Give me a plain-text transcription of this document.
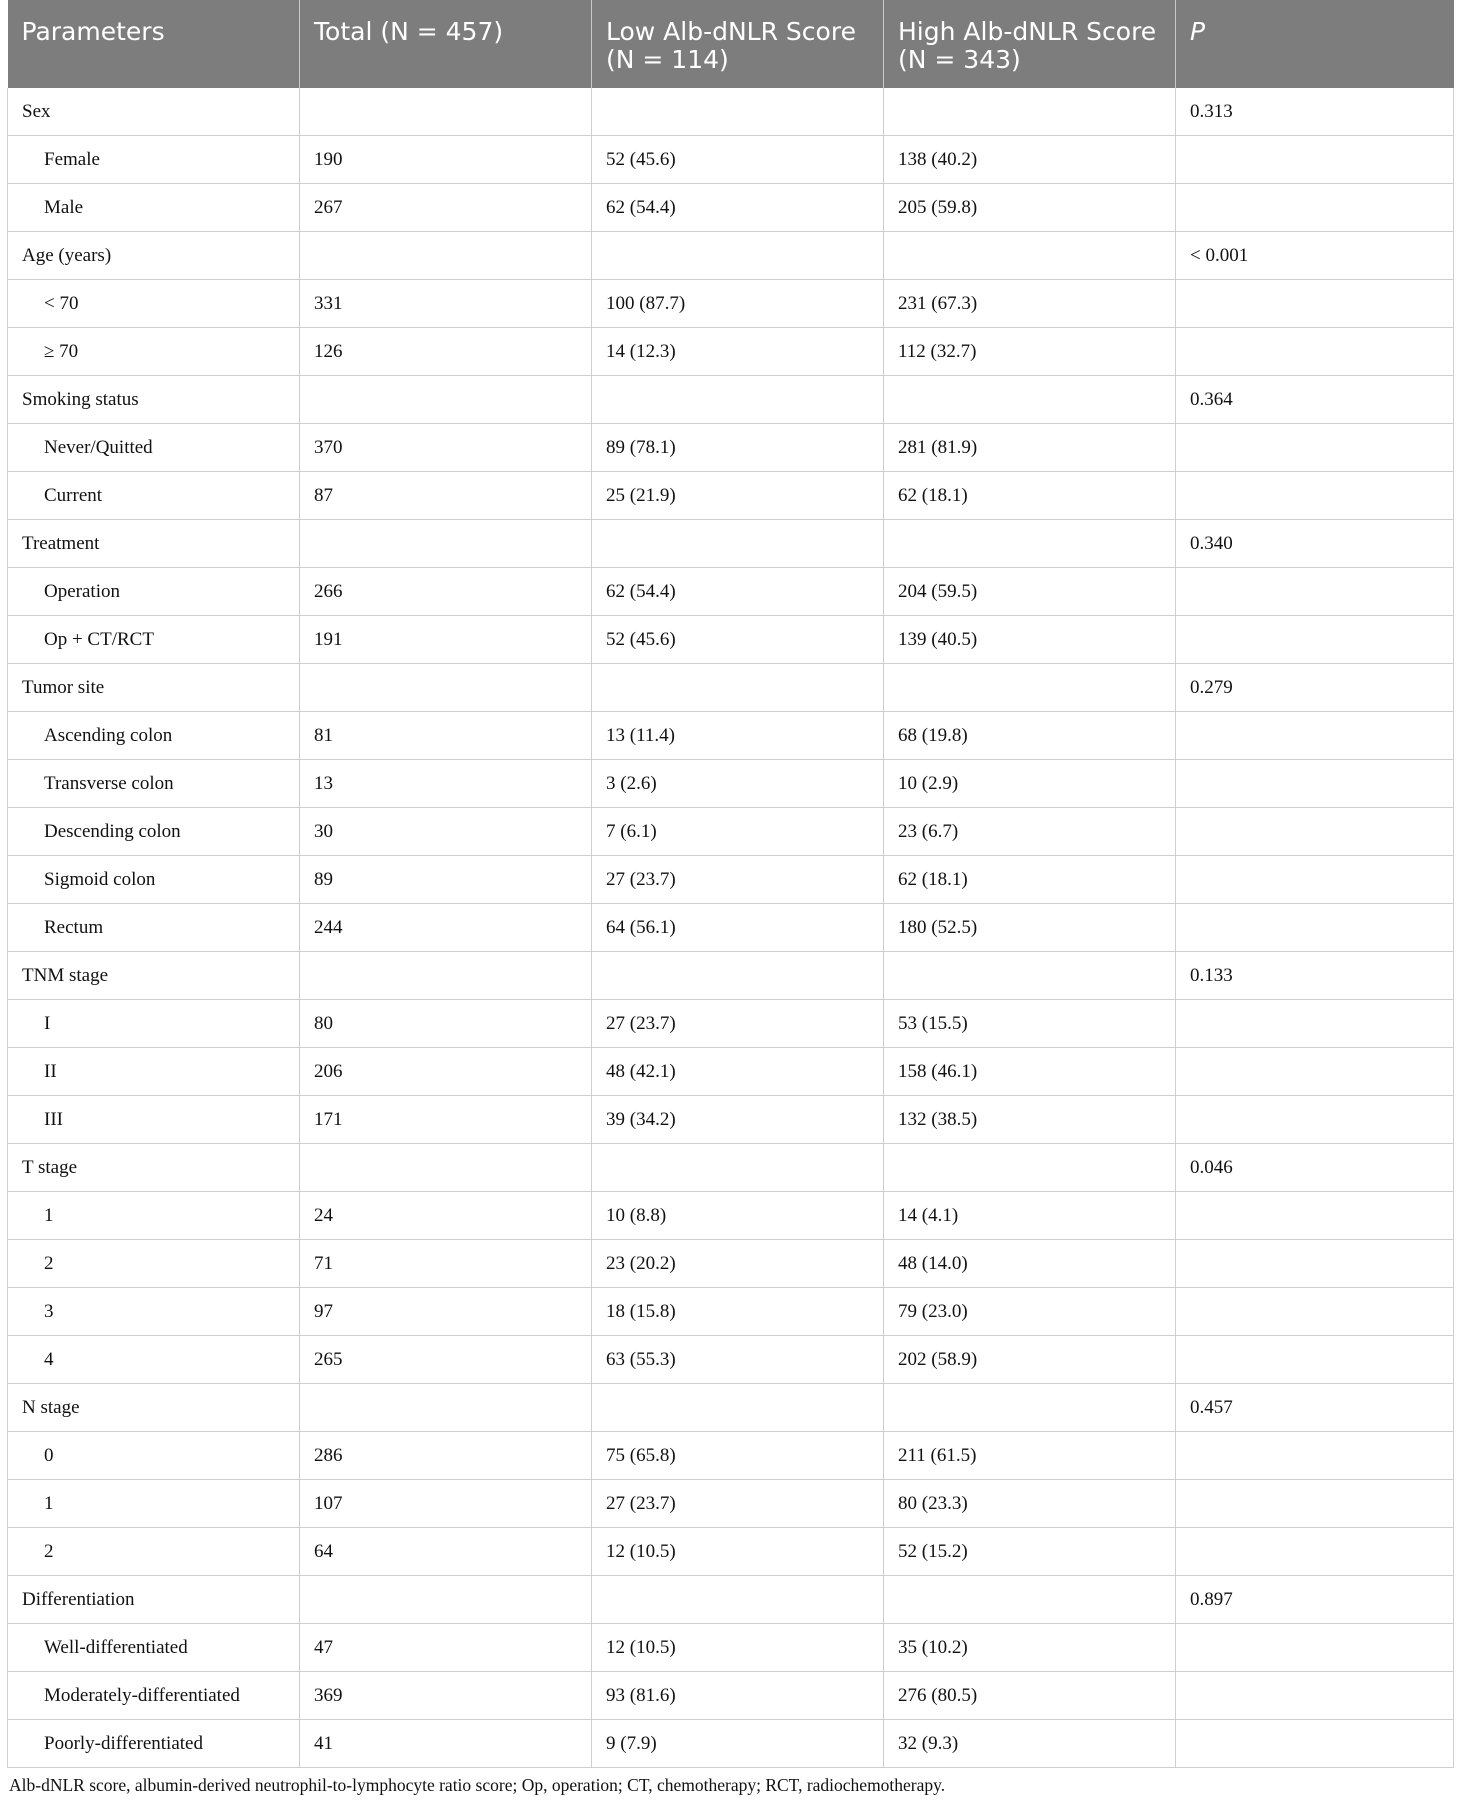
Parameters	Total (N = 457)	Low Alb-dNLR Score (N = 114)	High Alb-dNLR Score (N = 343)	P
Sex				0.313
Female	190	52 (45.6)	138 (40.2)	
Male	267	62 (54.4)	205 (59.8)	
Age (years)				< 0.001
< 70	331	100 (87.7)	231 (67.3)	
≥ 70	126	14 (12.3)	112 (32.7)	
Smoking status				0.364
Never/Quitted	370	89 (78.1)	281 (81.9)	
Current	87	25 (21.9)	62 (18.1)	
Treatment				0.340
Operation	266	62 (54.4)	204 (59.5)	
Op + CT/RCT	191	52 (45.6)	139 (40.5)	
Tumor site				0.279
Ascending colon	81	13 (11.4)	68 (19.8)	
Transverse colon	13	3 (2.6)	10 (2.9)	
Descending colon	30	7 (6.1)	23 (6.7)	
Sigmoid colon	89	27 (23.7)	62 (18.1)	
Rectum	244	64 (56.1)	180 (52.5)	
TNM stage				0.133
I	80	27 (23.7)	53 (15.5)	
II	206	48 (42.1)	158 (46.1)	
III	171	39 (34.2)	132 (38.5)	
T stage				0.046
1	24	10 (8.8)	14 (4.1)	
2	71	23 (20.2)	48 (14.0)	
3	97	18 (15.8)	79 (23.0)	
4	265	63 (55.3)	202 (58.9)	
N stage				0.457
0	286	75 (65.8)	211 (61.5)	
1	107	27 (23.7)	80 (23.3)	
2	64	12 (10.5)	52 (15.2)	
Differentiation				0.897
Well-differentiated	47	12 (10.5)	35 (10.2)	
Moderately-differentiated	369	93 (81.6)	276 (80.5)	
Poorly-differentiated	41	9 (7.9)	32 (9.3)	
Alb-dNLR score, albumin-derived neutrophil-to-lymphocyte ratio score; Op, operation; CT, chemotherapy; RCT, radiochemotherapy.
